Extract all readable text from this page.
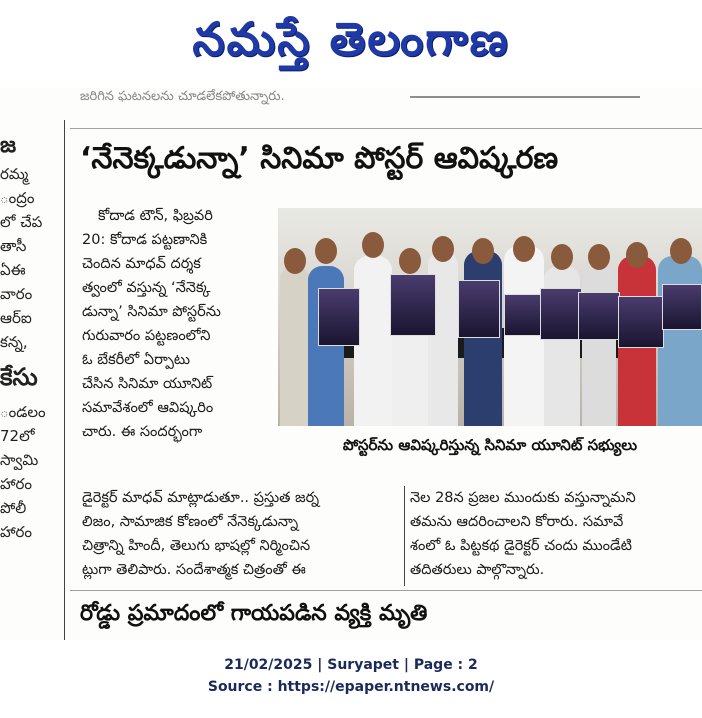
నమస్తే తెలంగాణ
జరిగిన ఘటనలను చూడలేకపోతున్నారు.
జ
రమ్మ
ంద్రం
లో చేప
తాసీ
ఏఈ
వారం
ఆర్ఐ
కన్న,
కేసు
ండలం
72లో
స్వామి
హారం
పోలీ
హారం
‘నేనెక్కడున్నా’ సినిమా పోస్టర్ ఆవిష్కరణ
కోదాడ టౌన్, ఫిబ్రవరి
20: కోదాడ పట్టణానికి
చెందిన మాధవ్ దర్శక
త్వంలో వస్తున్న ‘నేనెక్క
డున్నా’ సినిమా పోస్టర్‌ను
గురువారం పట్టణంలోని
ఓ బేకరీలో ఏర్పాటు
చేసిన సినిమా యూనిట్
సమావేశంలో ఆవిష్కరిం
చారు. ఈ సందర్భంగా
పోస్టర్‌ను ఆవిష్కరిస్తున్న సినిమా యూనిట్ సభ్యులు
డైరెక్టర్ మాధవ్ మాట్లాడుతూ.. ప్రస్తుత జర్న
లిజం, సామాజిక కోణంలో నేనెక్కడున్నా
చిత్రాన్ని హిందీ, తెలుగు భాషల్లో నిర్మించిన
ట్లుగా తెలిపారు. సందేశాత్మక చిత్రంతో ఈ
నెల 28న ప్రజల ముందుకు వస్తున్నామని
తమను ఆదరించాలని కోరారు. సమావే
శంలో ఓ పిట్టకథ డైరెక్టర్ చందు ముండేటి
తదితరులు పాల్గొన్నారు.
రోడ్డు ప్రమాదంలో గాయపడిన వ్యక్తి మృతి
21/02/2025 | Suryapet | Page : 2
Source : https://epaper.ntnews.com/
